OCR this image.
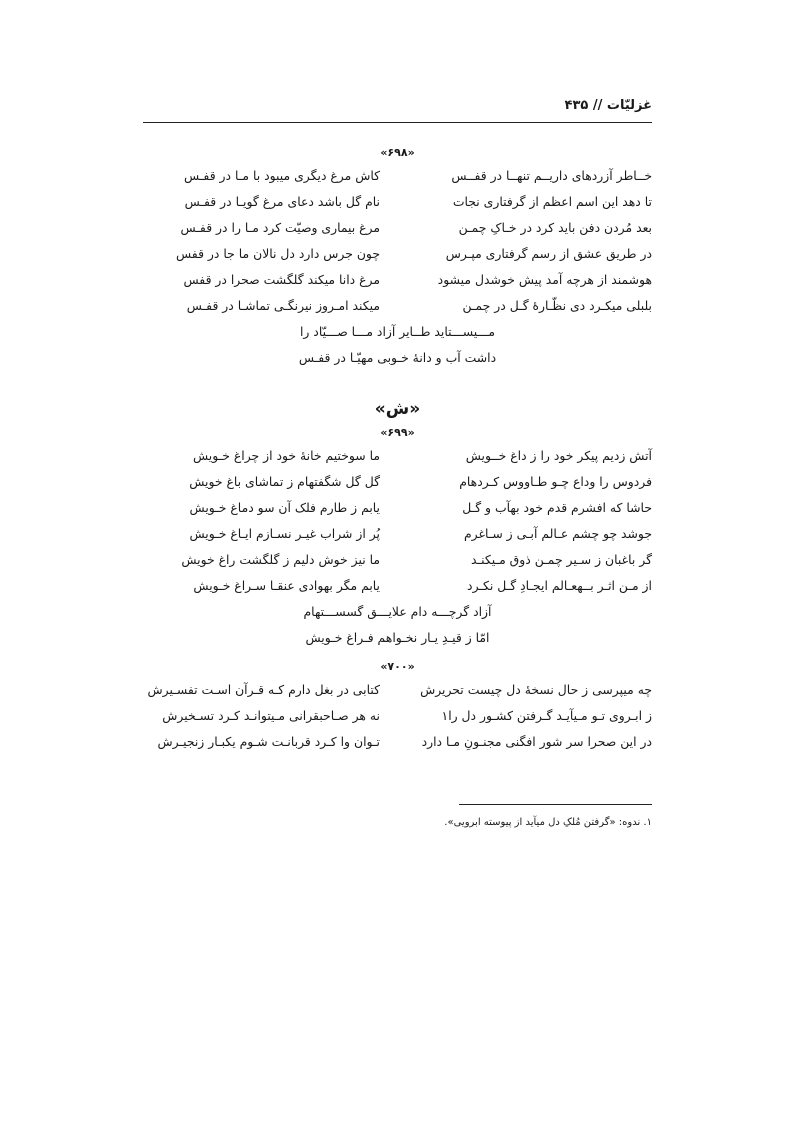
غزلیّات // ۴۳۵
«۶۹۸»
خــاطر آزردهای داریــم تنهــا در قفــس
کاش مرغ دیگری میبود با مـا در قفـس
تا دهد این اسم اعظم از گرفتاری نجات
نام گل باشد دعای مرغ گویـا در قفـس
بعد مُردن دفن باید کرد در خـاکِ چمـن
مرغ بیماری وصیّت کرد مـا را در قفـس
در طریق عشق از رسم گرفتاری مپـرس
چون جرس دارد دل نالان ما جا در قفس
هوشمند از هرچه آمد پیش خوشدل میشود
مرغ دانا میکند گلگشت صحرا در قفس
بلبلی میکـرد دی نظّـارهٔ گـل در چمـن
میکند امـروز نیرنگـی تماشـا در قفـس
مـــیســـتاید طــایر آزاد مـــا صـــیّاد را
داشت آب و دانهٔ خـوبی مهیّـا در قفـس
«ش»
«۶۹۹»
آتش زدیم پیکر خود را ز داغ خــویش
ما سوختیم خانهٔ خود از چراغ خـویش
فردوس را وداع چـو طـاووس کـردهام
گل گل شگفتهام ز تماشای باغ خویش
حاشا که افشرم قدم خود بهآب و گـل
یابم ز طارم فلک آن سو دماغ خـویش
جوشد چو چشم عـالم آبـی ز سـاغرم
پُر از شراب غیـر نسـازم ایـاغ خـویش
گر باغبان ز سـیر چمـن ذوق مـیکنـد
ما نیز خوش دلیم ز گلگشت راغ خویش
از مـن اثـر بــهعـالم ایجـادِ گـل نکـرد
یابم مگر بهوادی عنقـا سـراغ خـویش
آزاد گرچـــه دام علایـــق گسســـتهام
امّا ز قیـدِ یـار نخـواهم فـراغ خـویش
«۷۰۰»
چه میپرسی ز حال نسخهٔ دل چیست تحریرش
کتابی در بغل دارم کـه قـرآن اسـت تفسـیرش
ز ابـروی تـو مـیآیـد گـرفتن کشـور دل را۱
نه هر صـاحبقرانی مـیتوانـد کـرد تسـخیرش
در این صحرا سر شور افگنی مجنـونِ مـا دارد
تـوان وا کـرد قربانـت شـوم یکبـار زنجیـرش
۱. ندوه: «گرفتن مُلکِ دل میآید از پیوسته ابرویی».
